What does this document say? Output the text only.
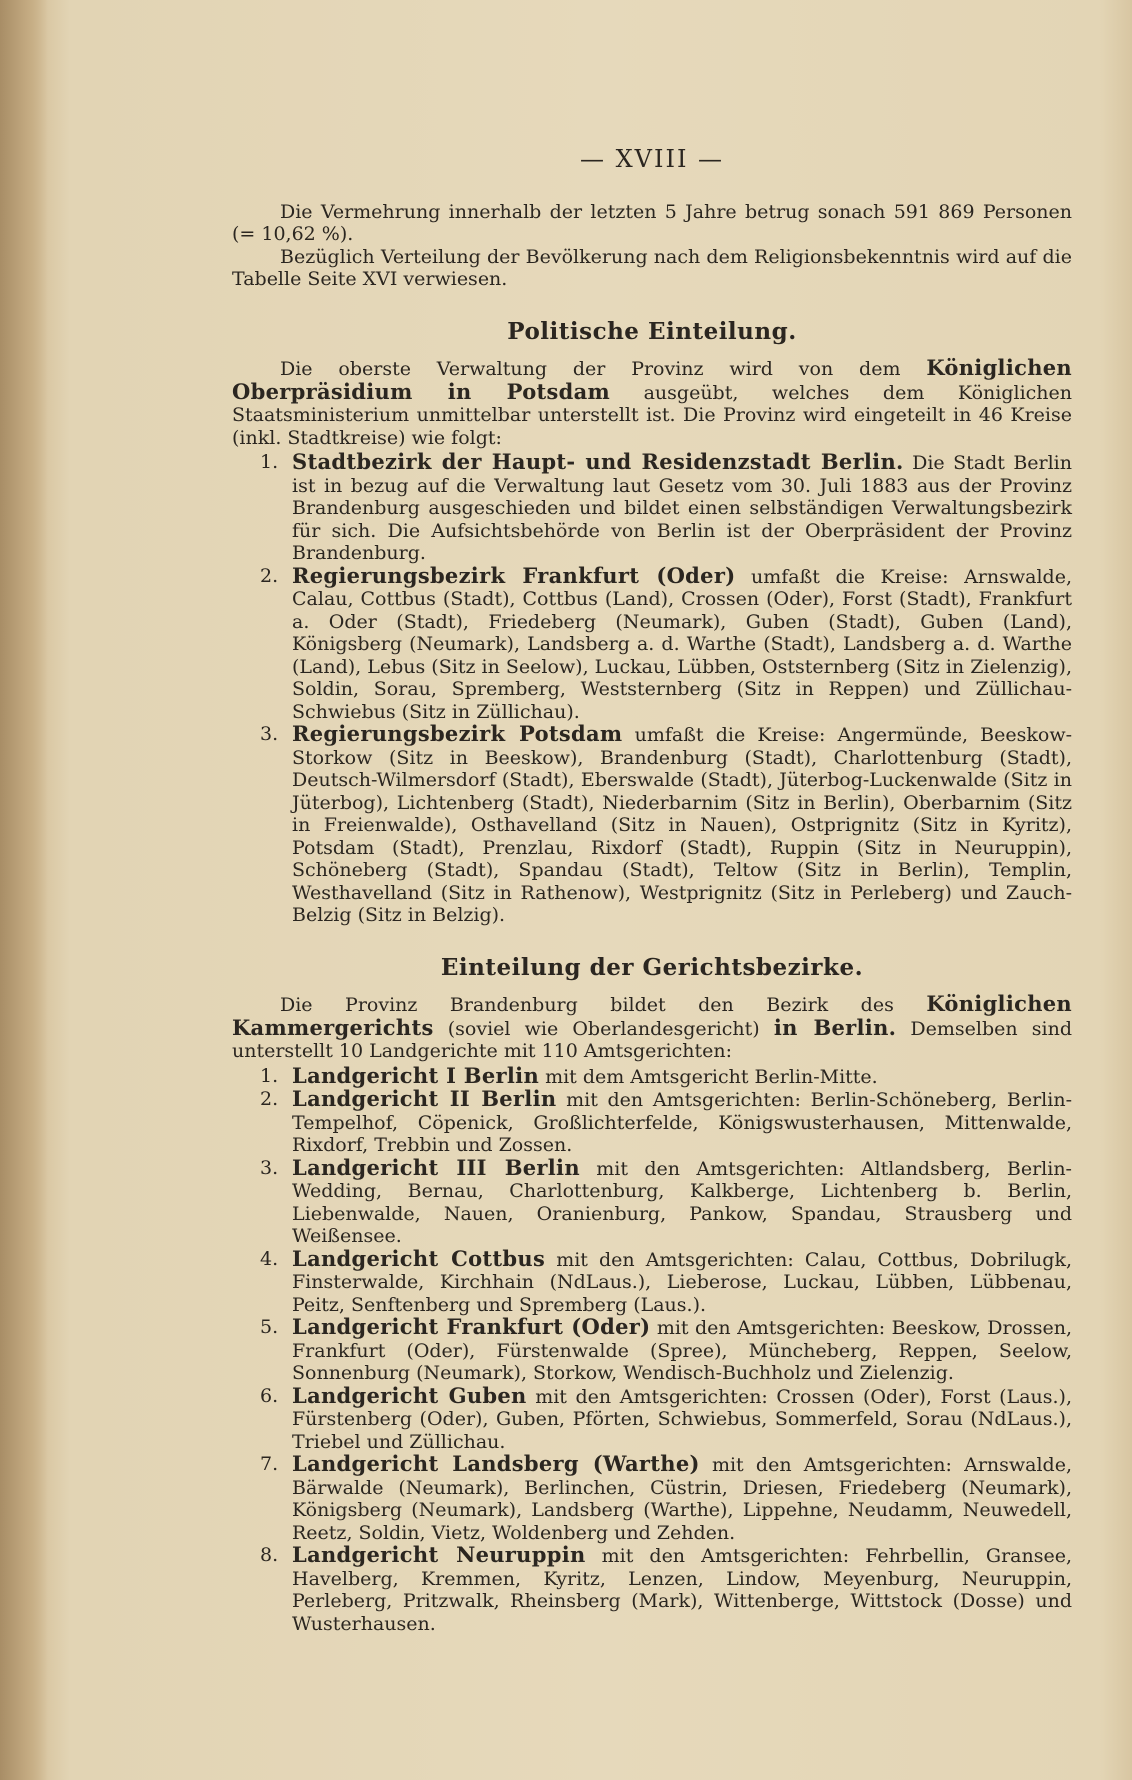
— XVIII —

Die Vermehrung innerhalb der letzten 5 Jahre betrug sonach 591 869 Personen (= 10,62 %).

Bezüglich Verteilung der Bevölkerung nach dem Religionsbekenntnis wird auf die Tabelle Seite XVI verwiesen.

Politische Einteilung.

Die oberste Verwaltung der Provinz wird von dem Königlichen Oberpräsidium in Potsdam ausgeübt, welches dem Königlichen Staatsministerium unmittelbar unterstellt ist. Die Provinz wird eingeteilt in 46 Kreise (inkl. Stadtkreise) wie folgt:

1. Stadtbezirk der Haupt- und Residenzstadt Berlin. Die Stadt Berlin ist in bezug auf die Verwaltung laut Gesetz vom 30. Juli 1883 aus der Provinz Brandenburg ausgeschieden und bildet einen selbständigen Verwaltungsbezirk für sich. Die Aufsichtsbehörde von Berlin ist der Oberpräsident der Provinz Brandenburg.
2. Regierungsbezirk Frankfurt (Oder) umfaßt die Kreise: Arnswalde, Calau, Cottbus (Stadt), Cottbus (Land), Crossen (Oder), Forst (Stadt), Frankfurt a. Oder (Stadt), Friedeberg (Neumark), Guben (Stadt), Guben (Land), Königsberg (Neumark), Landsberg a. d. Warthe (Stadt), Landsberg a. d. Warthe (Land), Lebus (Sitz in Seelow), Luckau, Lübben, Oststernberg (Sitz in Zielenzig), Soldin, Sorau, Spremberg, Weststernberg (Sitz in Reppen) und Züllichau-Schwiebus (Sitz in Züllichau).
3. Regierungsbezirk Potsdam umfaßt die Kreise: Angermünde, Beeskow-Storkow (Sitz in Beeskow), Brandenburg (Stadt), Charlottenburg (Stadt), Deutsch-Wilmersdorf (Stadt), Eberswalde (Stadt), Jüterbog-Luckenwalde (Sitz in Jüterbog), Lichtenberg (Stadt), Niederbarnim (Sitz in Berlin), Oberbarnim (Sitz in Freienwalde), Osthavelland (Sitz in Nauen), Ostprignitz (Sitz in Kyritz), Potsdam (Stadt), Prenzlau, Rixdorf (Stadt), Ruppin (Sitz in Neuruppin), Schöneberg (Stadt), Spandau (Stadt), Teltow (Sitz in Berlin), Templin, Westhavelland (Sitz in Rathenow), Westprignitz (Sitz in Perleberg) und Zauch-Belzig (Sitz in Belzig).
Einteilung der Gerichtsbezirke.

Die Provinz Brandenburg bildet den Bezirk des Königlichen Kammergerichts (soviel wie Oberlandesgericht) in Berlin. Demselben sind unterstellt 10 Landgerichte mit 110 Amtsgerichten:

1. Landgericht I Berlin mit dem Amtsgericht Berlin-Mitte.
2. Landgericht II Berlin mit den Amtsgerichten: Berlin-Schöneberg, Berlin-Tempelhof, Cöpenick, Großlichterfelde, Königswusterhausen, Mittenwalde, Rixdorf, Trebbin und Zossen.
3. Landgericht III Berlin mit den Amtsgerichten: Altlandsberg, Berlin-Wedding, Bernau, Charlottenburg, Kalkberge, Lichtenberg b. Berlin, Liebenwalde, Nauen, Oranienburg, Pankow, Spandau, Strausberg und Weißensee.
4. Landgericht Cottbus mit den Amtsgerichten: Calau, Cottbus, Dobrilugk, Finsterwalde, Kirchhain (NdLaus.), Lieberose, Luckau, Lübben, Lübbenau, Peitz, Senftenberg und Spremberg (Laus.).
5. Landgericht Frankfurt (Oder) mit den Amtsgerichten: Beeskow, Drossen, Frankfurt (Oder), Fürstenwalde (Spree), Müncheberg, Reppen, Seelow, Sonnenburg (Neumark), Storkow, Wendisch-Buchholz und Zielenzig.
6. Landgericht Guben mit den Amtsgerichten: Crossen (Oder), Forst (Laus.), Fürstenberg (Oder), Guben, Pförten, Schwiebus, Sommerfeld, Sorau (NdLaus.), Triebel und Züllichau.
7. Landgericht Landsberg (Warthe) mit den Amtsgerichten: Arnswalde, Bärwalde (Neumark), Berlinchen, Cüstrin, Driesen, Friedeberg (Neumark), Königsberg (Neumark), Landsberg (Warthe), Lippehne, Neudamm, Neuwedell, Reetz, Soldin, Vietz, Woldenberg und Zehden.
8. Landgericht Neuruppin mit den Amtsgerichten: Fehrbellin, Gransee, Havelberg, Kremmen, Kyritz, Lenzen, Lindow, Meyenburg, Neuruppin, Perleberg, Pritzwalk, Rheinsberg (Mark), Wittenberge, Wittstock (Dosse) und Wusterhausen.
